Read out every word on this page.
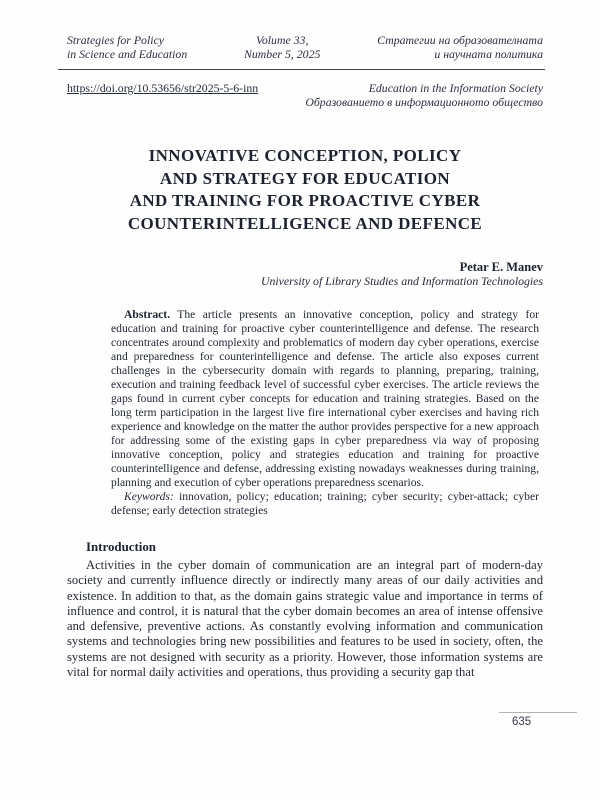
Strategies for Policy
in Science and Education
Volume 33,
Number 5, 2025
Стратегии на образователната
и научната политика
https://doi.org/10.53656/str2025-5-6-inn	Education in the Information Society
Образованието в информационното общество
INNOVATIVE CONCEPTION, POLICY
AND STRATEGY FOR EDUCATION
AND TRAINING FOR PROACTIVE CYBER
COUNTERINTELLIGENCE AND DEFENCE
Petar E. Manev
University of Library Studies and Information Technologies

Abstract. The article presents an innovative conception, policy and strategy for education and training for proactive cyber counterintelligence and defense. The research concentrates around complexity and problematics of modern day cyber operations, exercise and preparedness for counterintelligence and defense. The article also exposes current challenges in the cybersecurity domain with regards to planning, preparing, training, execution and training feedback level of successful cyber exercises. The article reviews the gaps found in current cyber concepts for education and training strategies. Based on the long term participation in the largest live fire international cyber exercises and having rich experience and knowledge on the matter the author provides perspective for a new approach for addressing some of the existing gaps in cyber preparedness via way of proposing innovative conception, policy and strategies education and training for proactive counterintelligence and defense, addressing existing nowadays weaknesses during training, planning and execution of cyber operations preparedness scenarios.

Keywords: innovation, policy; education; training; cyber security; cyber-attack; cyber defense; early detection strategies

Introduction

Activities in the cyber domain of communication are an integral part of modern-day society and currently influence directly or indirectly many areas of our daily activities and existence. In addition to that, as the domain gains strategic value and importance in terms of influence and control, it is natural that the cyber domain becomes an area of intense offensive and defensive, preventive actions. As constantly evolving information and communication systems and technologies bring new possibilities and features to be used in society, often, the systems are not designed with security as a priority. However, those information systems are vital for normal daily activities and operations, thus providing a security gap that

635
